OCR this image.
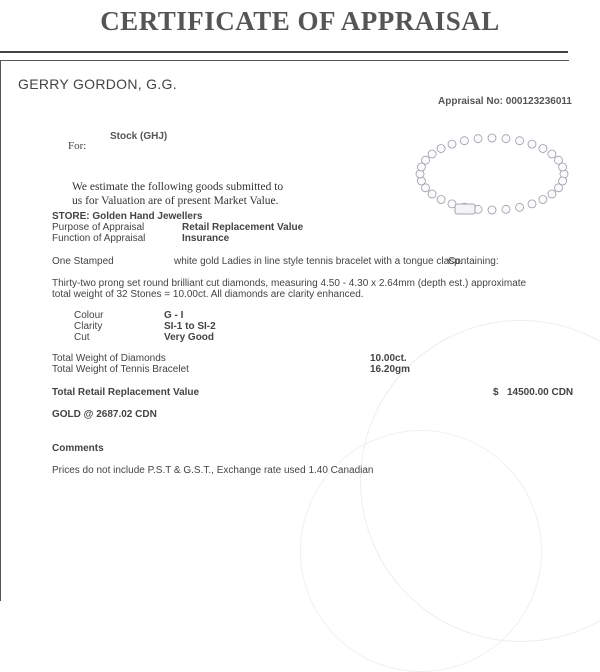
CERTIFICATE OF APPRAISAL
GERRY GORDON, G.G.
Appraisal No: 000123236011
Stock (GHJ)
For:
We estimate the following goods submitted to
us for Valuation are of present Market Value.
STORE: Golden Hand Jewellers
Purpose of Appraisal	Retail Replacement Value
Function of Appraisal	Insurance
One Stamped	white gold Ladies in line style tennis bracelet with a tongue clasp.
Containing:
Thirty-two prong set round brilliant cut diamonds, measuring 4.50 - 4.30 x 2.64mm (depth est.) approximate
total weight of 32 Stones = 10.00ct. All diamonds are clarity enhanced.
Colour	G - I
Clarity	SI-1 to SI-2
Cut	Very Good
Total Weight of Diamonds	10.00ct.
Total Weight of Tennis Bracelet	16.20gm
Total Retail Replacement Value	$ 14500.00 CDN
GOLD @ 2687.02 CDN
Comments
Prices do not include P.S.T & G.S.T., Exchange rate used 1.40 Canadian
